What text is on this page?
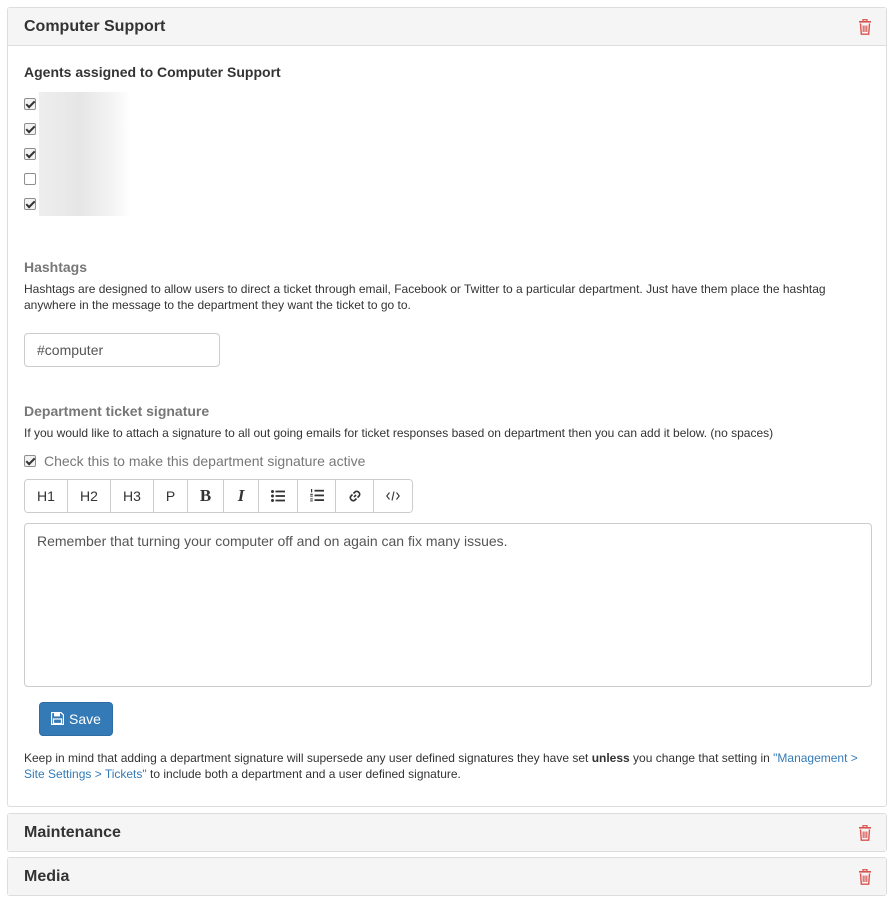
Computer Support
Agents assigned to Computer Support
Hashtags

Hashtags are designed to allow users to direct a ticket through email, Facebook or Twitter to a particular department. Just have them place the hashtag anywhere in the message to the department they want the ticket to go to.

#computer
Department ticket signature

If you would like to attach a signature to all out going emails for ticket responses based on department then you can add it below. (no spaces)

Check this to make this department signature active
H1	H2	H3	P	B I
Remember that turning your computer off and on again can fix many issues.
Save

Keep in mind that adding a department signature will supersede any user defined signatures they have set unless you change that setting in "Management > Site Settings > Tickets" to include both a department and a user defined signature.

Maintenance
Media
